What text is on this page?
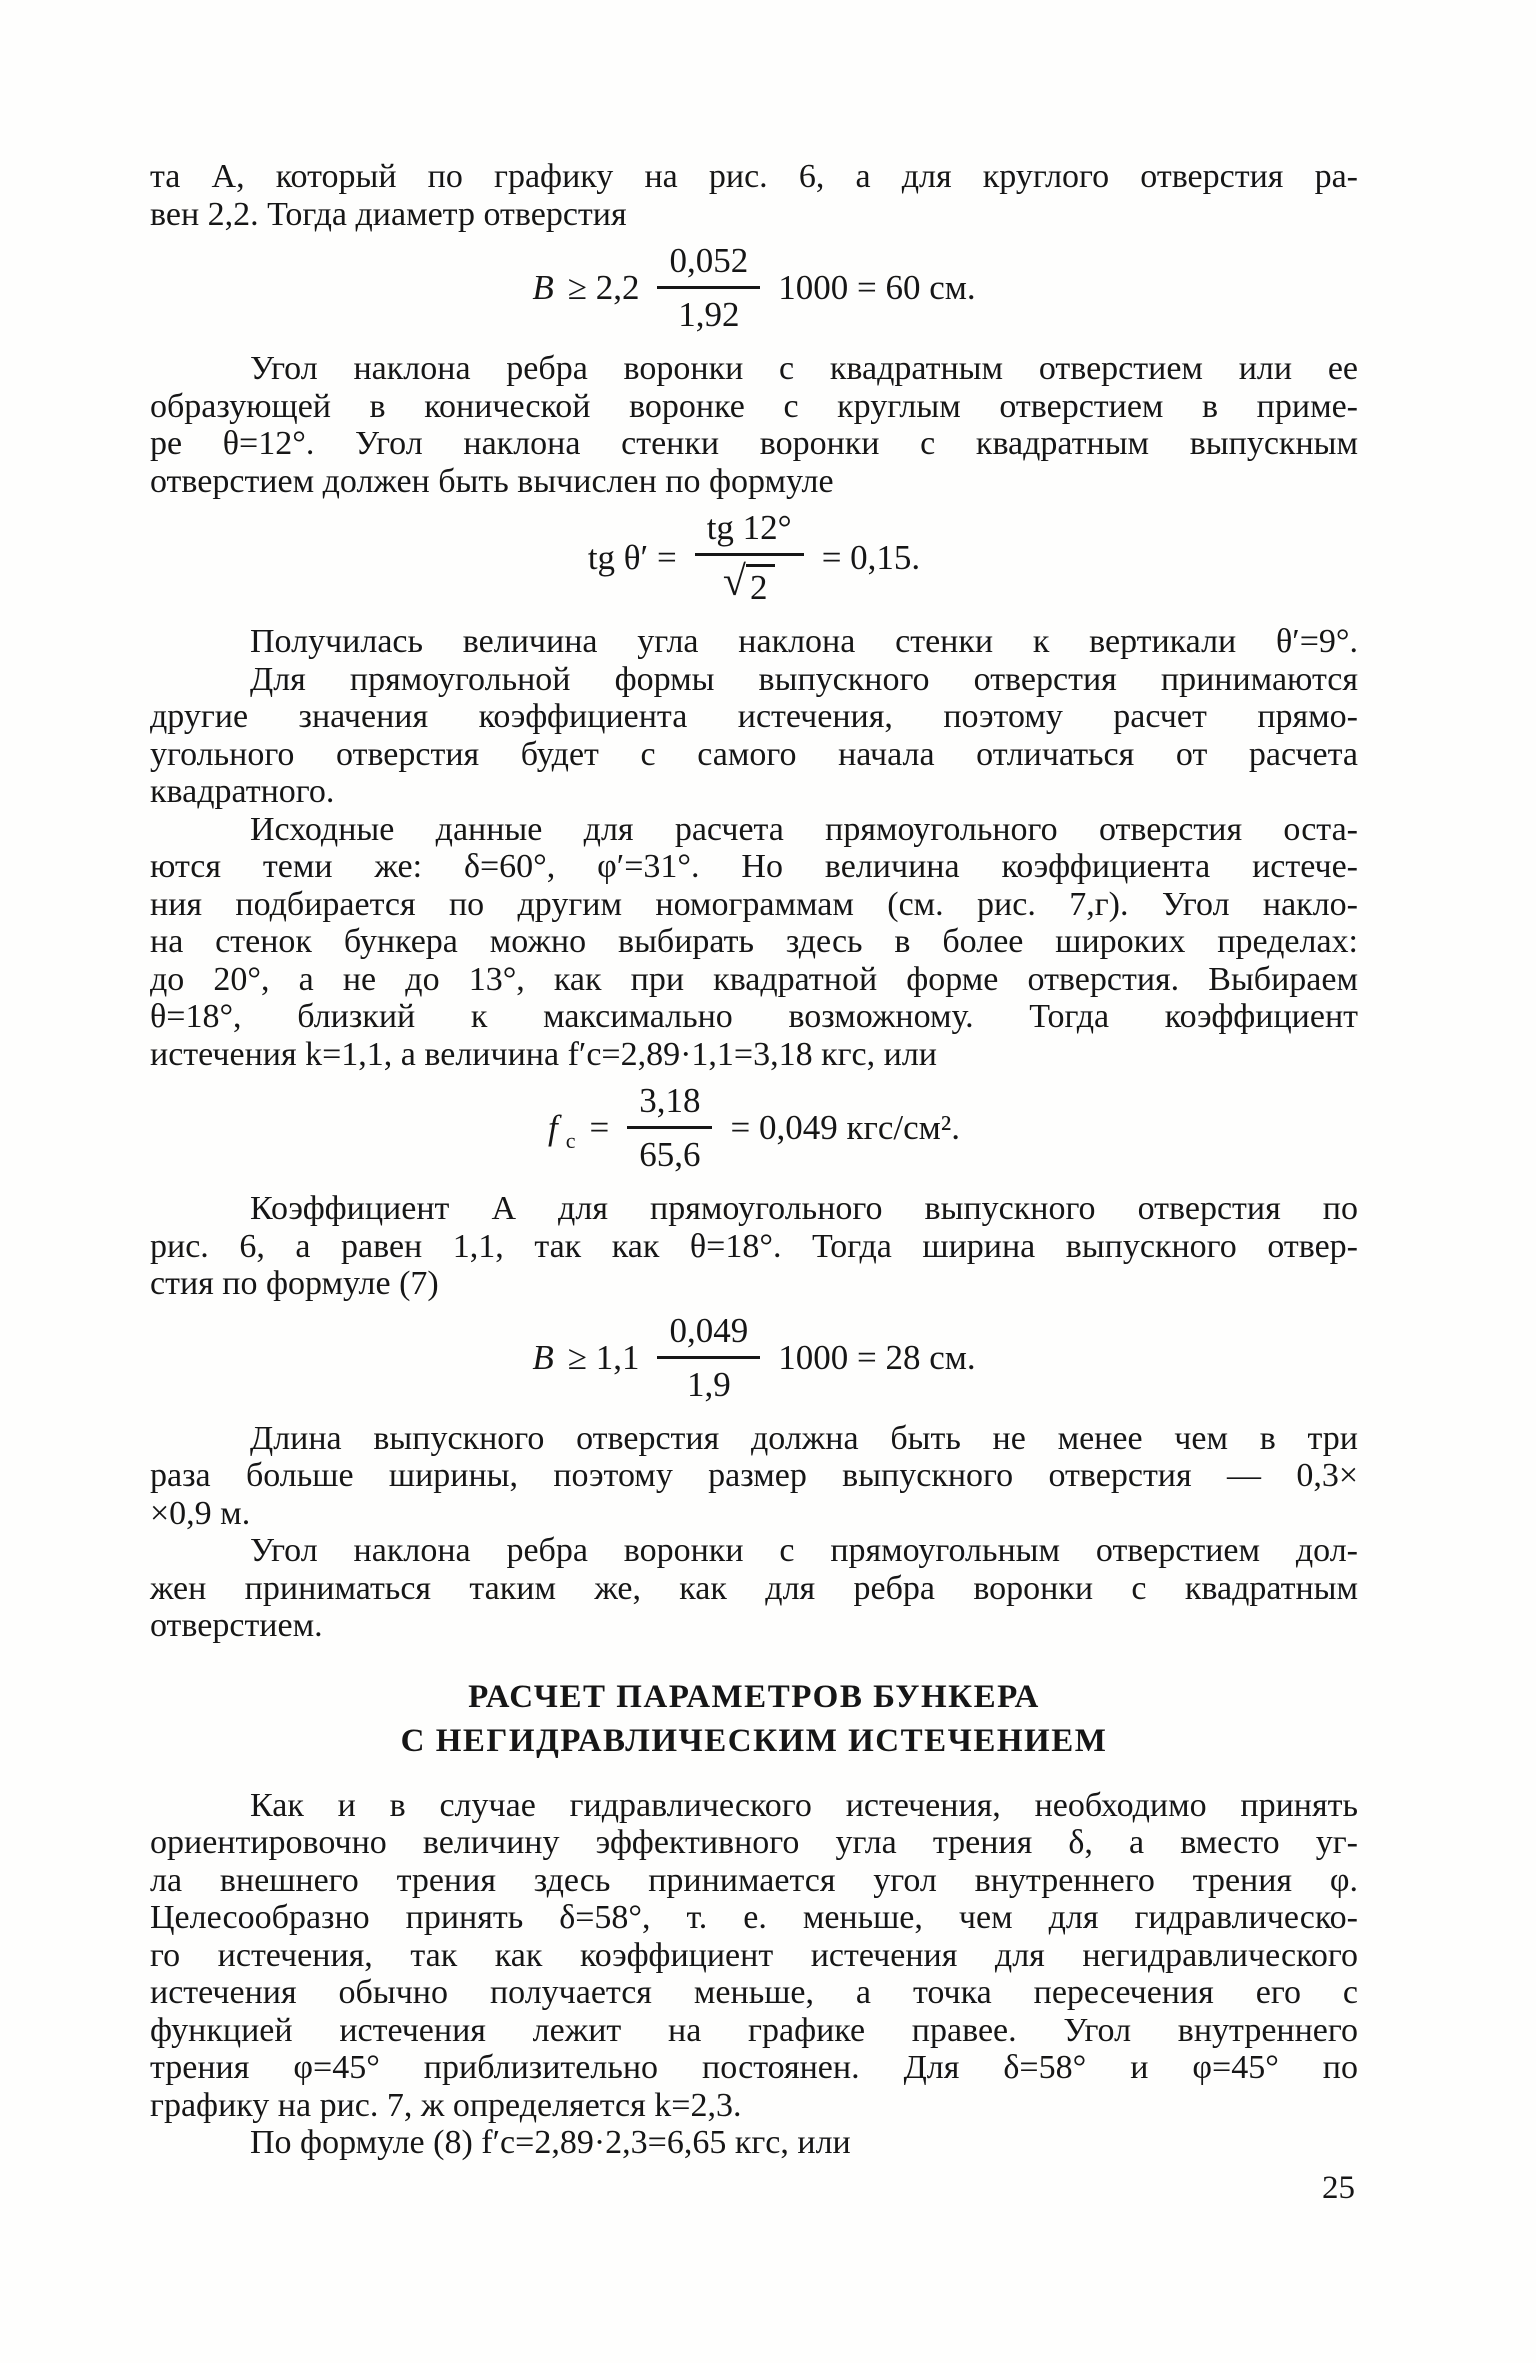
та А, который по графику на рис. 6, а для круглого отверстия ра-
вен 2,2. Тогда диаметр отверстия
$B \ge 2,2 \frac{0,052}{1,92} 1000 = 60$ см.
Угол наклона ребра воронки с квадратным отверстием или ее
образующей в конической воронке с круглым отверстием в приме-
ре θ=12°. Угол наклона стенки воронки с квадратным выпускным
отверстием должен быть вычислен по формуле
tg $\theta' = \frac{tg 12^\circ}{√ 2} = 0,15$.
Получилась величина угла наклона стенки к вертикали θ′=9°.
Для прямоугольной формы выпускного отверстия принимаются
другие значения коэффициента истечения, поэтому расчет прямо-
угольного отверстия будет с самого начала отличаться от расчета
квадратного.
Исходные данные для расчета прямоугольного отверстия оста-
ются теми же: δ=60°, φ′=31°. Но величина коэффициента истече-
ния подбирается по другим номограммам (см. рис. 7,г). Угол накло-
на стенок бункера можно выбирать здесь в более широких пределах:
до 20°, а не до 13°, как при квадратной форме отверстия. Выбираем
θ=18°, близкий к максимально возможному. Тогда коэффициент
истечения k=1,1, а величина f′c=2,89·1,1=3,18 кгс, или
f $с = \frac{3,18}{65,6} = 0,049$ кгс/см².
Коэффициент А для прямоугольного выпускного отверстия по
рис. 6, а равен 1,1, так как θ=18°. Тогда ширина выпускного отвер-
стия по формуле (7)
$B \ge 1,1 \frac{0,049}{1,9} 1000 = 28$ см.
Длина выпускного отверстия должна быть не менее чем в три
раза больше ширины, поэтому размер выпускного отверстия — 0,3×
×0,9 м.
Угол наклона ребра воронки с прямоугольным отверстием дол-
жен приниматься таким же, как для ребра воронки с квадратным
отверстием.
РАСЧЕТ ПАРАМЕТРОВ БУНКЕРА
С НЕГИДРАВЛИЧЕСКИМ ИСТЕЧЕНИЕМ
Как и в случае гидравлического истечения, необходимо принять
ориентировочно величину эффективного угла трения δ, а вместо уг-
ла внешнего трения здесь принимается угол внутреннего трения φ.
Целесообразно принять δ=58°, т. е. меньше, чем для гидравлическо-
го истечения, так как коэффициент истечения для негидравлического
истечения обычно получается меньше, а точка пересечения его с
функцией истечения лежит на графике правее. Угол внутреннего
трения φ=45° приблизительно постоянен. Для δ=58° и φ=45° по
графику на рис. 7, ж определяется k=2,3.
По формуле (8) f′c=2,89·2,3=6,65 кгс, или
25
